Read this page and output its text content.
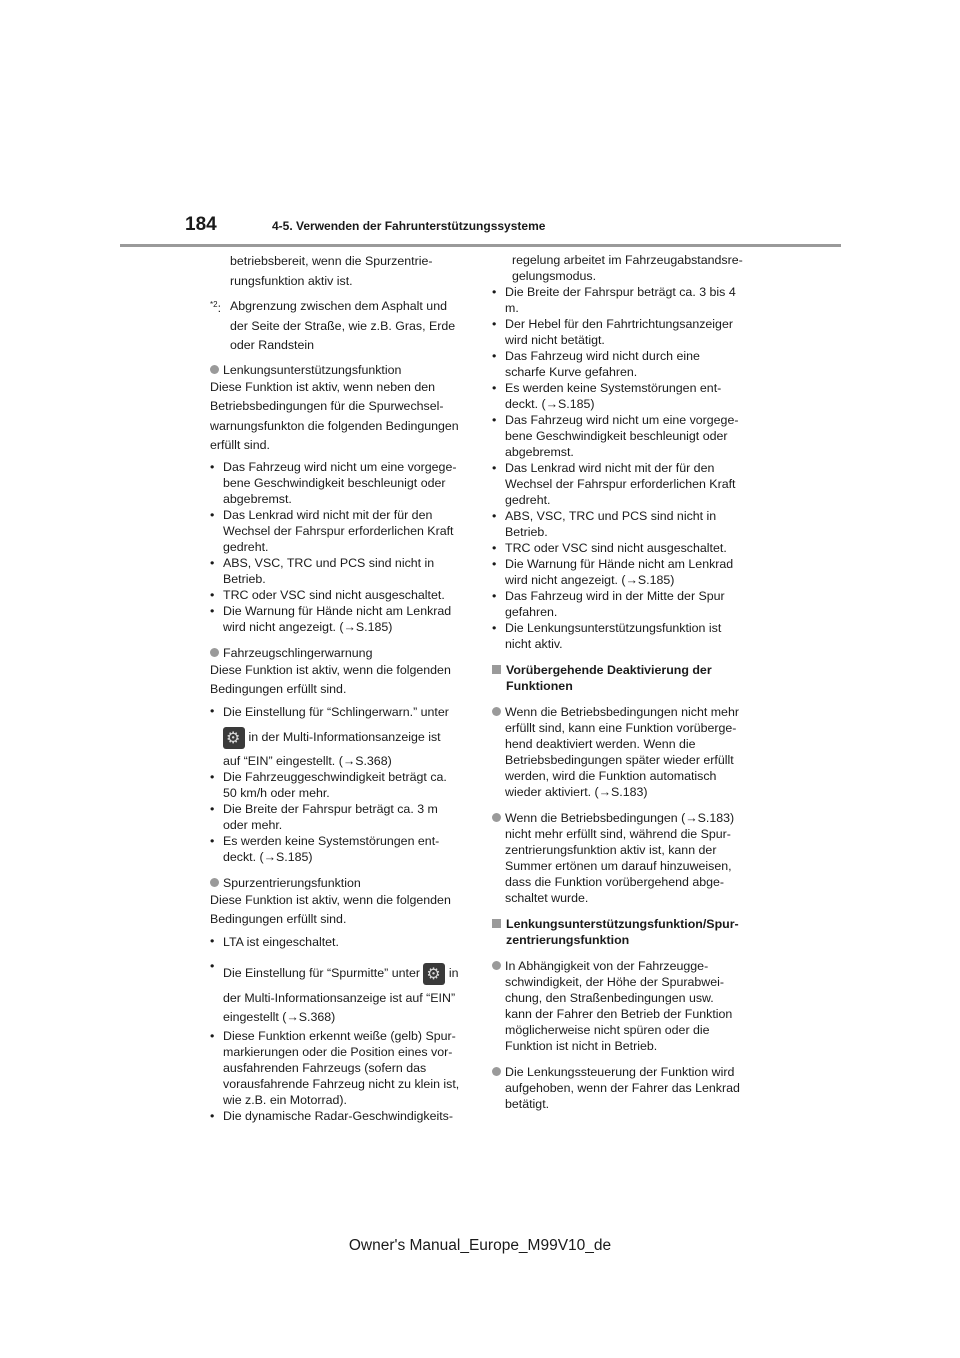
184	4-5. Verwenden der Fahrunterstützungssysteme

betriebsbereit, wenn die Spurzentrie-

rungsfunktion aktiv ist.

$^{*2}$: Abgrenzung zwischen dem Asphalt und

der Seite der Straße, wie z.B. Gras, Erde

oder Randstein

Lenkungsunterstützungsfunktion

Diese Funktion ist aktiv, wenn neben den

Betriebsbedingungen für die Spurwechsel-

warnungsfunkton die folgenden Bedingungen

erfüllt sind.

• Das Fahrzeug wird nicht um eine vorgege-

bene Geschwindigkeit beschleunigt oder

abgebremst.

• Das Lenkrad wird nicht mit der für den

Wechsel der Fahrspur erforderlichen Kraft

gedreht.

• ABS, VSC, TRC und PCS sind nicht in

Betrieb.

• TRC oder VSC sind nicht ausgeschaltet.

• Die Warnung für Hände nicht am Lenkrad

wird nicht angezeigt. (→S.185)

Fahrzeugschlingerwarnung

Diese Funktion ist aktiv, wenn die folgenden

Bedingungen erfüllt sind.

• Die Einstellung für “Schlingerwarn.” unter

⚙ in der Multi-Informationsanzeige ist

auf “EIN” eingestellt. (→S.368)

• Die Fahrzeuggeschwindigkeit beträgt ca.

50 km/h oder mehr.

• Die Breite der Fahrspur beträgt ca. 3 m

oder mehr.

• Es werden keine Systemstörungen ent-

deckt. (→S.185)

Spurzentrierungsfunktion

Diese Funktion ist aktiv, wenn die folgenden

Bedingungen erfüllt sind.

• LTA ist eingeschaltet.

• Die Einstellung für “Spurmitte” unter ⚙ in

der Multi-Informationsanzeige ist auf “EIN”

eingestellt (→S.368)

• Diese Funktion erkennt weiße (gelb) Spur-

markierungen oder die Position eines vor-

ausfahrenden Fahrzeugs (sofern das

vorausfahrende Fahrzeug nicht zu klein ist,

wie z.B. ein Motorrad).

• Die dynamische Radar-Geschwindigkeits-

regelung arbeitet im Fahrzeugabstandsre-

gelungsmodus.

• Die Breite der Fahrspur beträgt ca. 3 bis 4

m.

• Der Hebel für den Fahrtrichtungsanzeiger

wird nicht betätigt.

• Das Fahrzeug wird nicht durch eine

scharfe Kurve gefahren.

• Es werden keine Systemstörungen ent-

deckt. (→S.185)

• Das Fahrzeug wird nicht um eine vorgege-

bene Geschwindigkeit beschleunigt oder

abgebremst.

• Das Lenkrad wird nicht mit der für den

Wechsel der Fahrspur erforderlichen Kraft

gedreht.

• ABS, VSC, TRC und PCS sind nicht in

Betrieb.

• TRC oder VSC sind nicht ausgeschaltet.

• Die Warnung für Hände nicht am Lenkrad

wird nicht angezeigt. (→S.185)

• Das Fahrzeug wird in der Mitte der Spur

gefahren.

• Die Lenkungsunterstützungsfunktion ist

nicht aktiv.

Vorübergehende Deaktivierung der

Funktionen

Wenn die Betriebsbedingungen nicht mehr

erfüllt sind, kann eine Funktion vorüberge-

hend deaktiviert werden. Wenn die

Betriebsbedingungen später wieder erfüllt

werden, wird die Funktion automatisch

wieder aktiviert. (→S.183)

Wenn die Betriebsbedingungen (→S.183)

nicht mehr erfüllt sind, während die Spur-

zentrierungsfunktion aktiv ist, kann der

Summer ertönen um darauf hinzuweisen,

dass die Funktion vorübergehend abge-

schaltet wurde.

Lenkungsunterstützungsfunktion/Spur-

zentrierungsfunktion

In Abhängigkeit von der Fahrzeugge-

schwindigkeit, der Höhe der Spurabwei-

chung, den Straßenbedingungen usw.

kann der Fahrer den Betrieb der Funktion

möglicherweise nicht spüren oder die

Funktion ist nicht in Betrieb.

Die Lenkungssteuerung der Funktion wird

aufgehoben, wenn der Fahrer das Lenkrad

betätigt.

Owner's Manual_Europe_M99V10_de
